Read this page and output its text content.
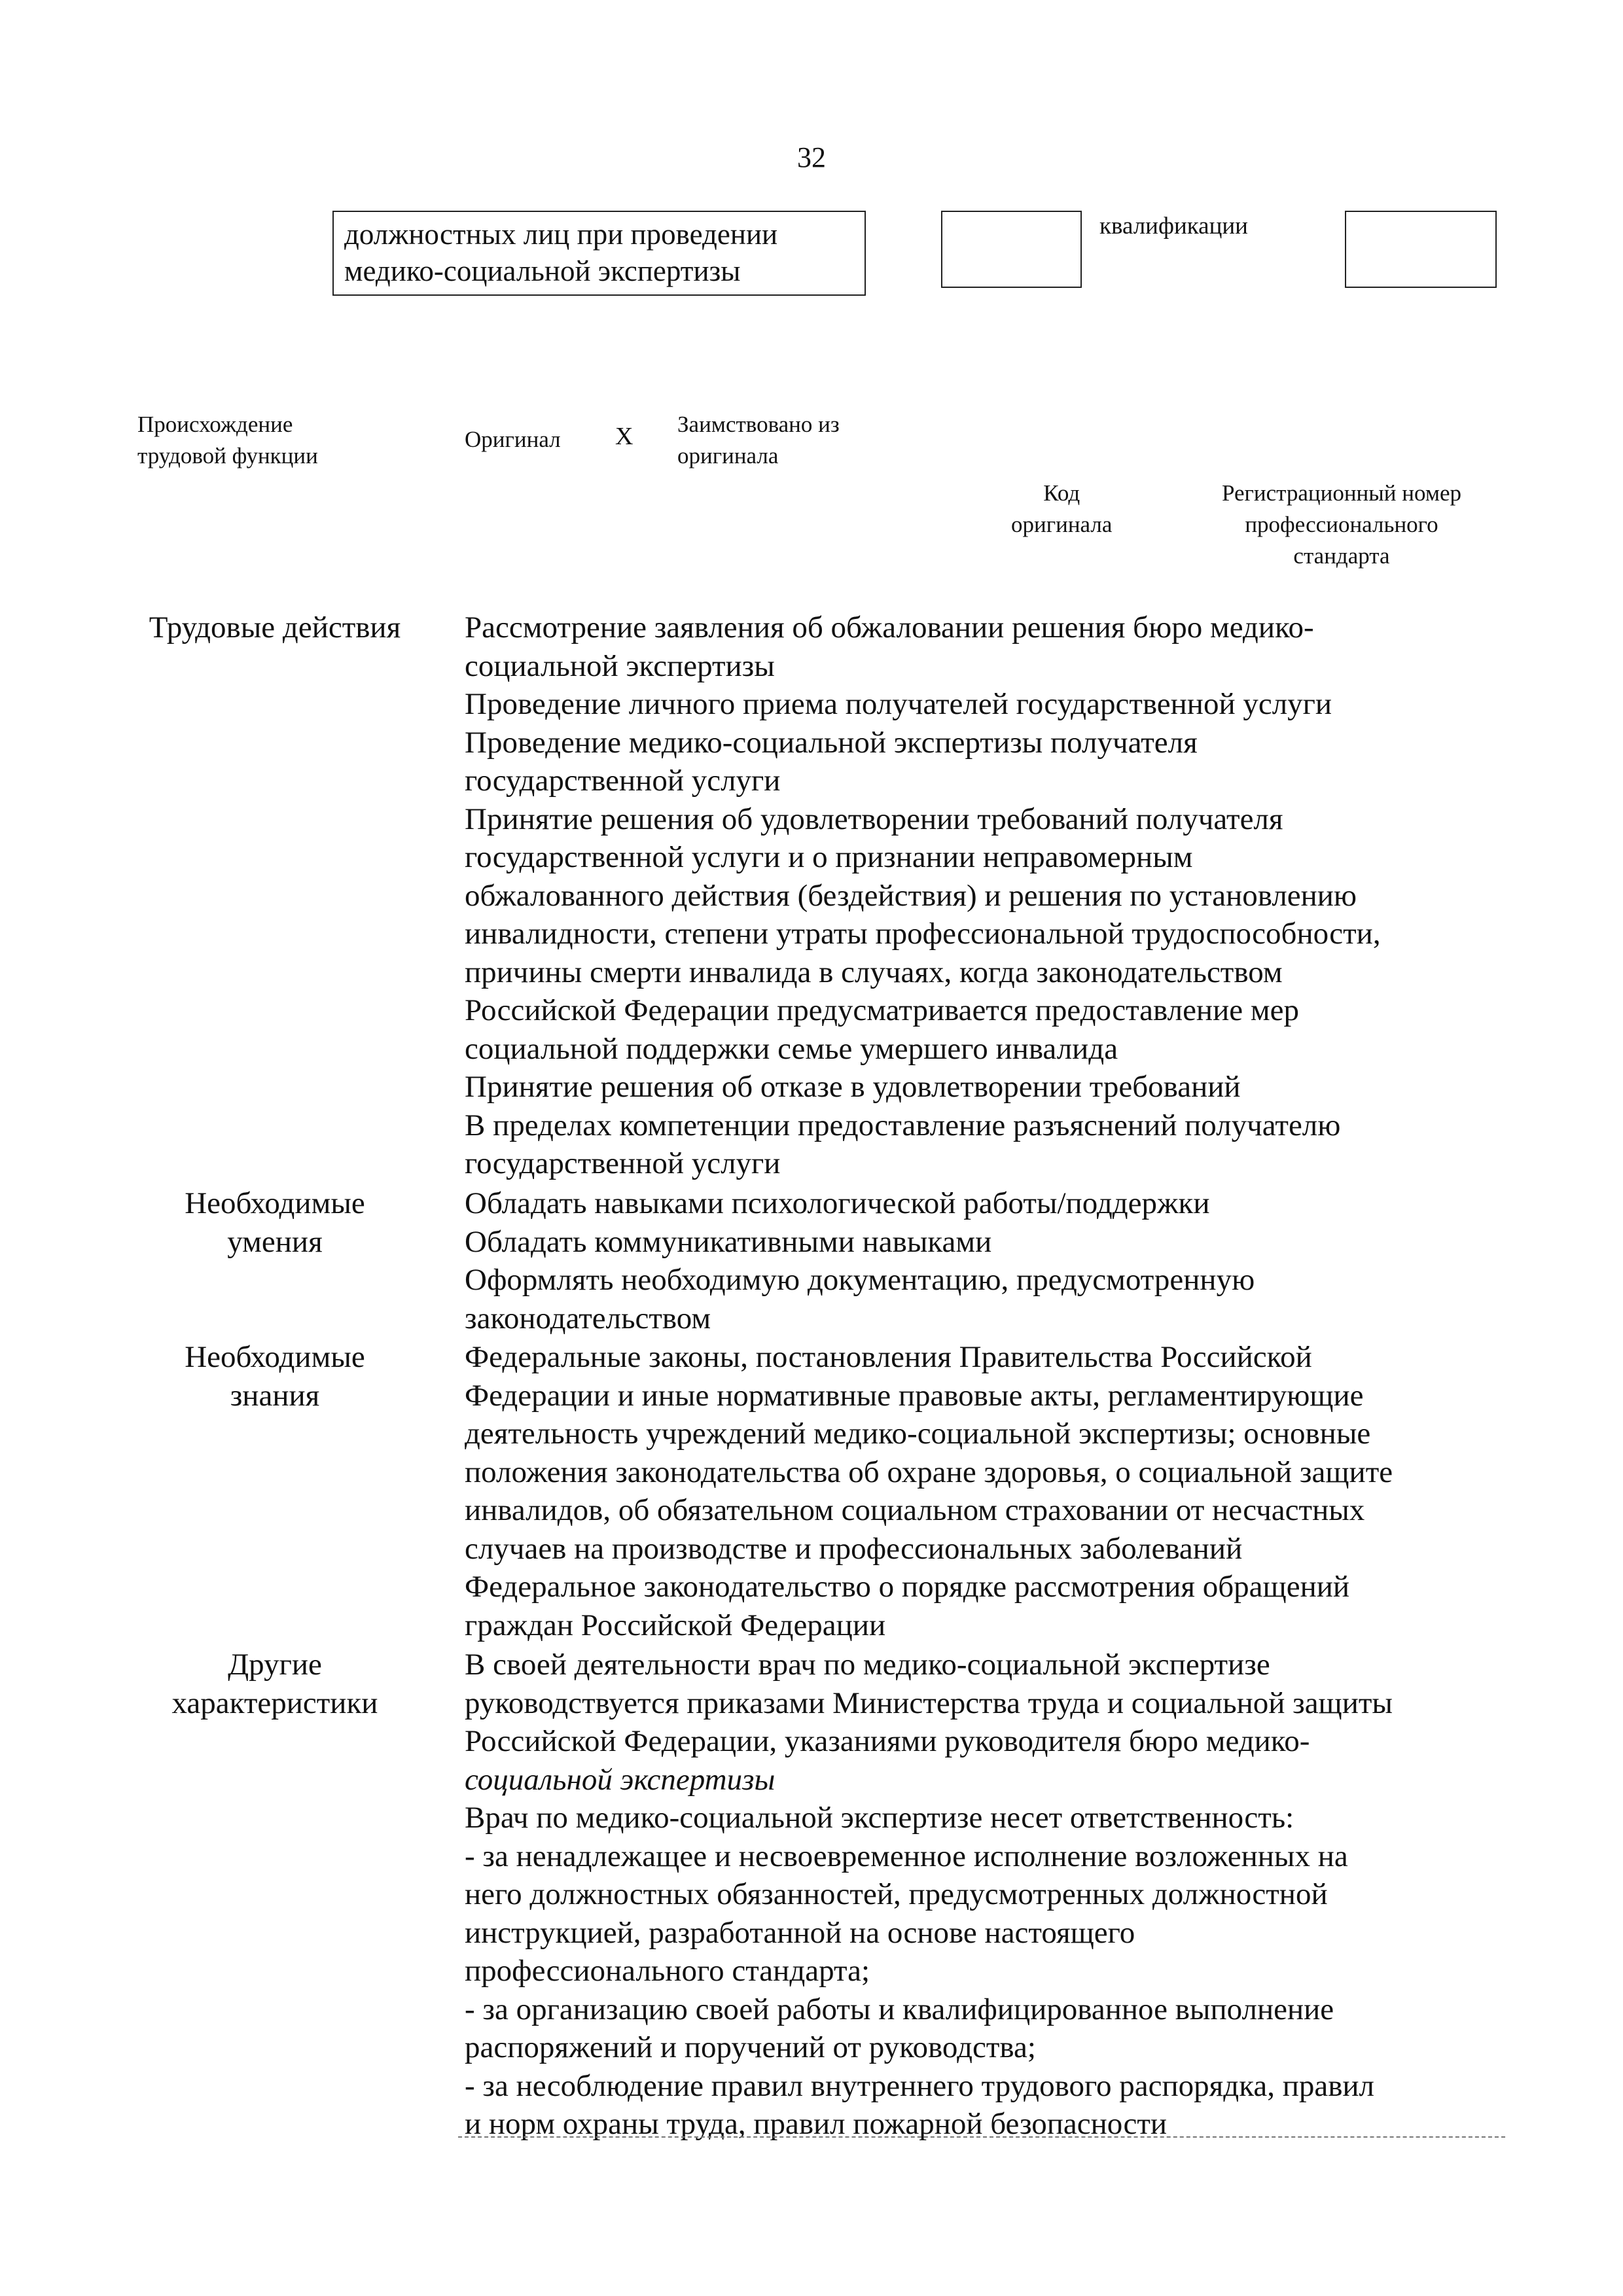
32
должностных лиц при проведении
медико-социальной экспертизы
квалификации
Происхождение
трудовой функции
Оригинал X Заимствовано из
оригинала
Код
оригинала
Регистрационный номер
профессионального
стандарта
Трудовые действия	Рассмотрение заявления об обжаловании решения бюро медико-
социальной экспертизы
Проведение личного приема получателей государственной услуги
Проведение медико-социальной экспертизы получателя
государственной услуги
Принятие решения об удовлетворении требований получателя
государственной услуги и о признании неправомерным
обжалованного действия (бездействия) и решения по установлению
инвалидности, степени утраты профессиональной трудоспособности,
причины смерти инвалида в случаях, когда законодательством
Российской Федерации предусматривается предоставление мер
социальной поддержки семье умершего инвалида
Принятие решения об отказе в удовлетворении требований
В пределах компетенции предоставление разъяснений получателю
государственной услуги
Необходимые
умения
Обладать навыками психологической работы/поддержки
Обладать коммуникативными навыками
Оформлять необходимую документацию, предусмотренную
законодательством
Необходимые
знания
Федеральные законы, постановления Правительства Российской
Федерации и иные нормативные правовые акты, регламентирующие
деятельность учреждений медико-социальной экспертизы; основные
положения законодательства об охране здоровья, о социальной защите
инвалидов, об обязательном социальном страховании от несчастных
случаев на производстве и профессиональных заболеваний
Федеральное законодательство о порядке рассмотрения обращений
граждан Российской Федерации
Другие
характеристики
В своей деятельности врач по медико-социальной экспертизе
руководствуется приказами Министерства труда и социальной защиты
Российской Федерации, указаниями руководителя бюро медико-
социальной экспертизы
Врач по медико-социальной экспертизе несет ответственность:
- за ненадлежащее и несвоевременное исполнение возложенных на
него должностных обязанностей, предусмотренных должностной
инструкцией, разработанной на основе настоящего
профессионального стандарта;
- за организацию своей работы и квалифицированное выполнение
распоряжений и поручений от руководства;
- за несоблюдение правил внутреннего трудового распорядка, правил
и норм охраны труда, правил пожарной безопасности
